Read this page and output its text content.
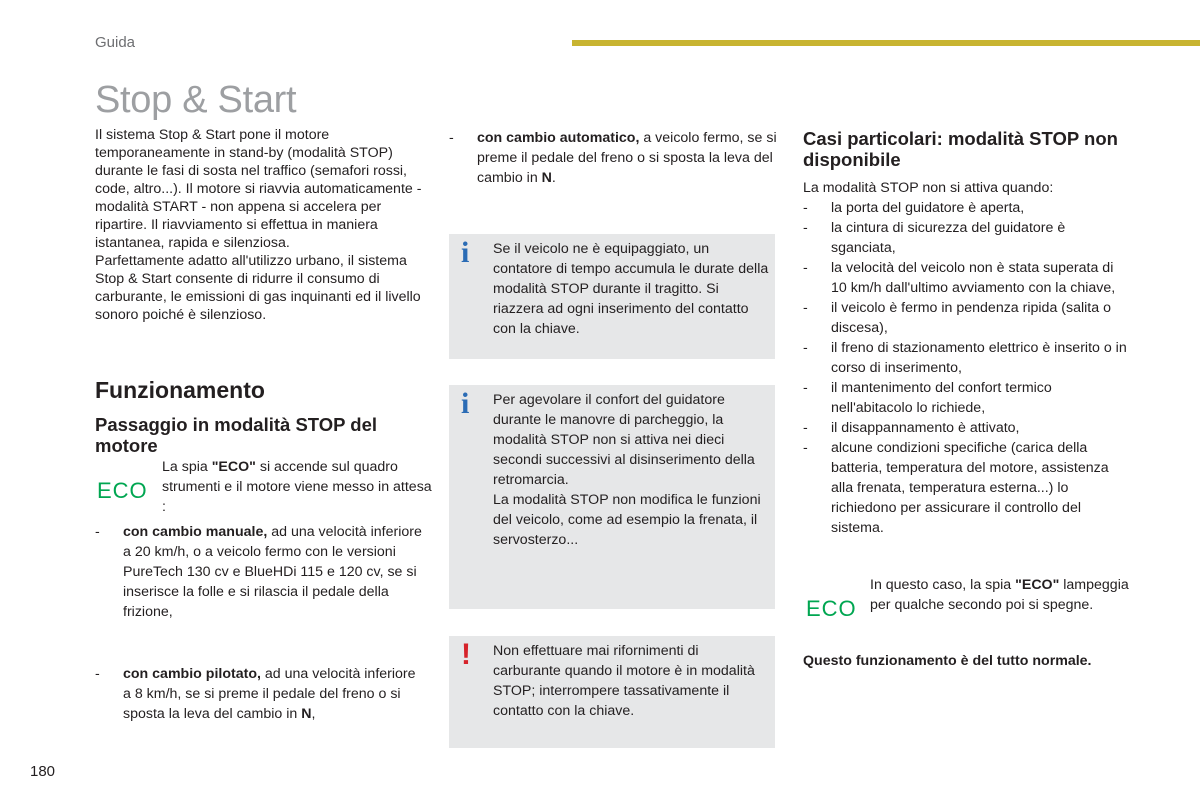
Guida
Stop & Start

Il sistema Stop & Start pone il motore temporaneamente in stand-by (modalità STOP) durante le fasi di sosta nel traffico (semafori rossi, code, altro...). Il motore si riavvia automaticamente - modalità START - non appena si accelera per ripartire. Il riavviamento si effettua in maniera istantanea, rapida e silenziosa.

Parfettamente adatto all'utilizzo urbano, il sistema Stop & Start consente di ridurre il consumo di carburante, le emissioni di gas inquinanti ed il livello sonoro poiché è silenzioso.

Funzionamento
Passaggio in modalità STOP del motore
ECO
La spia "ECO" si accende sul quadro strumenti e il motore viene messo in attesa :
- con cambio manuale, ad una velocità inferiore a 20 km/h, o a veicolo fermo con le versioni PureTech 130 cv e BlueHDi 115 e 120 cv, se si inserisce la folle e si rilascia il pedale della frizione,
- con cambio pilotato, ad una velocità inferiore a 8 km/h, se si preme il pedale del freno o si sposta la leva del cambio in N,
- con cambio automatico, a veicolo fermo, se si preme il pedale del freno o si sposta la leva del cambio in N.
i Se il veicolo ne è equipaggiato, un contatore di tempo accumula le durate della modalità STOP durante il tragitto. Si riazzera ad ogni inserimento del contatto con la chiave.

i Per agevolare il confort del guidatore durante le manovre di parcheggio, la modalità STOP non si attiva nei dieci secondi successivi al disinserimento della retromarcia.

La modalità STOP non modifica le funzioni del veicolo, come ad esempio la frenata, il servosterzo...

! Non effettuare mai rifornimenti di carburante quando il motore è in modalità STOP; interrompere tassativamente il contatto con la chiave.

Casi particolari: modalità STOP non disponibile
La modalità STOP non si attiva quando:
- la porta del guidatore è aperta,
- la cintura di sicurezza del guidatore è sganciata,
- la velocità del veicolo non è stata superata di 10 km/h dall'ultimo avviamento con la chiave,
- il veicolo è fermo in pendenza ripida (salita o discesa),
- il freno di stazionamento elettrico è inserito o in corso di inserimento,
- il mantenimento del confort termico nell'abitacolo lo richiede,
- il disappannamento è attivato,
- alcune condizioni specifiche (carica della batteria, temperatura del motore, assistenza alla frenata, temperatura esterna...) lo richiedono per assicurare il controllo del sistema.
ECO
In questo caso, la spia "ECO" lampeggia per qualche secondo poi si spegne.
Questo funzionamento è del tutto normale.
180
